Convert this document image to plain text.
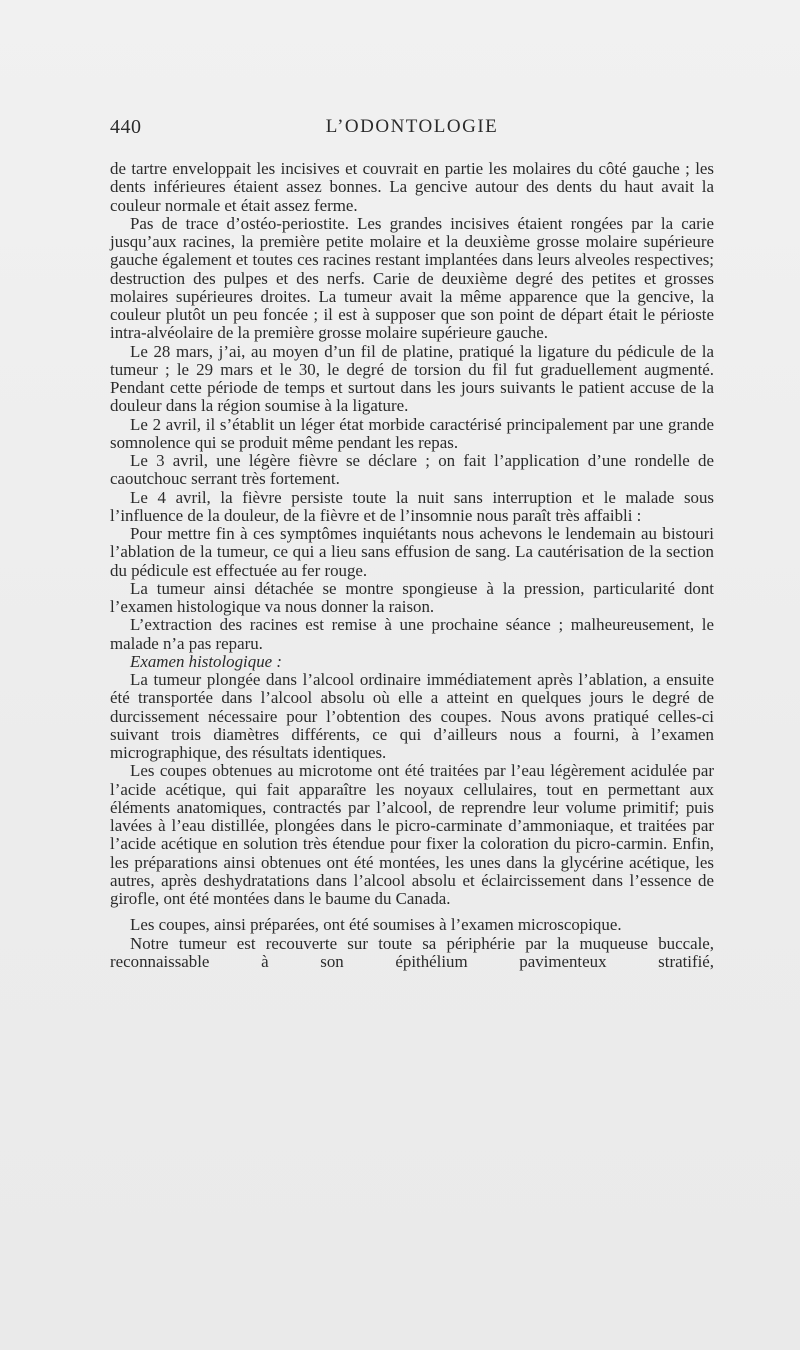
440	L’ODONTOLOGIE

de tartre enveloppait les incisives et couvrait en partie les molaires du côté gauche ; les dents inférieures étaient assez bonnes. La gencive autour des dents du haut avait la couleur normale et était assez ferme.

Pas de trace d’ostéo-periostite. Les grandes incisives étaient rongées par la carie jusqu’aux racines, la première petite molaire et la deuxième grosse molaire supérieure gauche également et toutes ces racines restant implantées dans leurs alveoles respectives; destruction des pulpes et des nerfs. Carie de deuxième degré des petites et grosses molaires supérieures droites. La tumeur avait la même apparence que la gencive, la couleur plutôt un peu foncée ; il est à supposer que son point de départ était le périoste intra-alvéolaire de la première grosse molaire supérieure gauche.

Le 28 mars, j’ai, au moyen d’un fil de platine, pratiqué la ligature du pédicule de la tumeur ; le 29 mars et le 30, le degré de torsion du fil fut graduellement augmenté. Pendant cette période de temps et surtout dans les jours suivants le patient accuse de la douleur dans la région soumise à la ligature.

Le 2 avril, il s’établit un léger état morbide caractérisé principalement par une grande somnolence qui se produit même pendant les repas.

Le 3 avril, une légère fièvre se déclare ; on fait l’application d’une rondelle de caoutchouc serrant très fortement.

Le 4 avril, la fièvre persiste toute la nuit sans interruption et le malade sous l’influence de la douleur, de la fièvre et de l’insomnie nous paraît très affaibli :

Pour mettre fin à ces symptômes inquiétants nous achevons le lendemain au bistouri l’ablation de la tumeur, ce qui a lieu sans effusion de sang. La cautérisation de la section du pédicule est effectuée au fer rouge.

La tumeur ainsi détachée se montre spongieuse à la pression, particularité dont l’examen histologique va nous donner la raison.

L’extraction des racines est remise à une prochaine séance ; malheureusement, le malade n’a pas reparu.

Examen histologique :

La tumeur plongée dans l’alcool ordinaire immédiatement après l’ablation, a ensuite été transportée dans l’alcool absolu où elle a atteint en quelques jours le degré de durcissement nécessaire pour l’obtention des coupes. Nous avons pratiqué celles-ci suivant trois diamètres différents, ce qui d’ailleurs nous a fourni, à l’examen micrographique, des résultats identiques.

Les coupes obtenues au microtome ont été traitées par l’eau légèrement acidulée par l’acide acétique, qui fait apparaître les noyaux cellulaires, tout en permettant aux éléments anatomiques, contractés par l’alcool, de reprendre leur volume primitif; puis lavées à l’eau distillée, plongées dans le picro-carminate d’ammoniaque, et traitées par l’acide acétique en solution très étendue pour fixer la coloration du picro-carmin. Enfin, les préparations ainsi obtenues ont été montées, les unes dans la glycérine acétique, les autres, après deshydratations dans l’alcool absolu et éclaircissement dans l’essence de girofle, ont été montées dans le baume du Canada.

Les coupes, ainsi préparées, ont été soumises à l’examen microscopique.

Notre tumeur est recouverte sur toute sa périphérie par la muqueuse buccale, reconnaissable à son épithélium pavimenteux stratifié,
